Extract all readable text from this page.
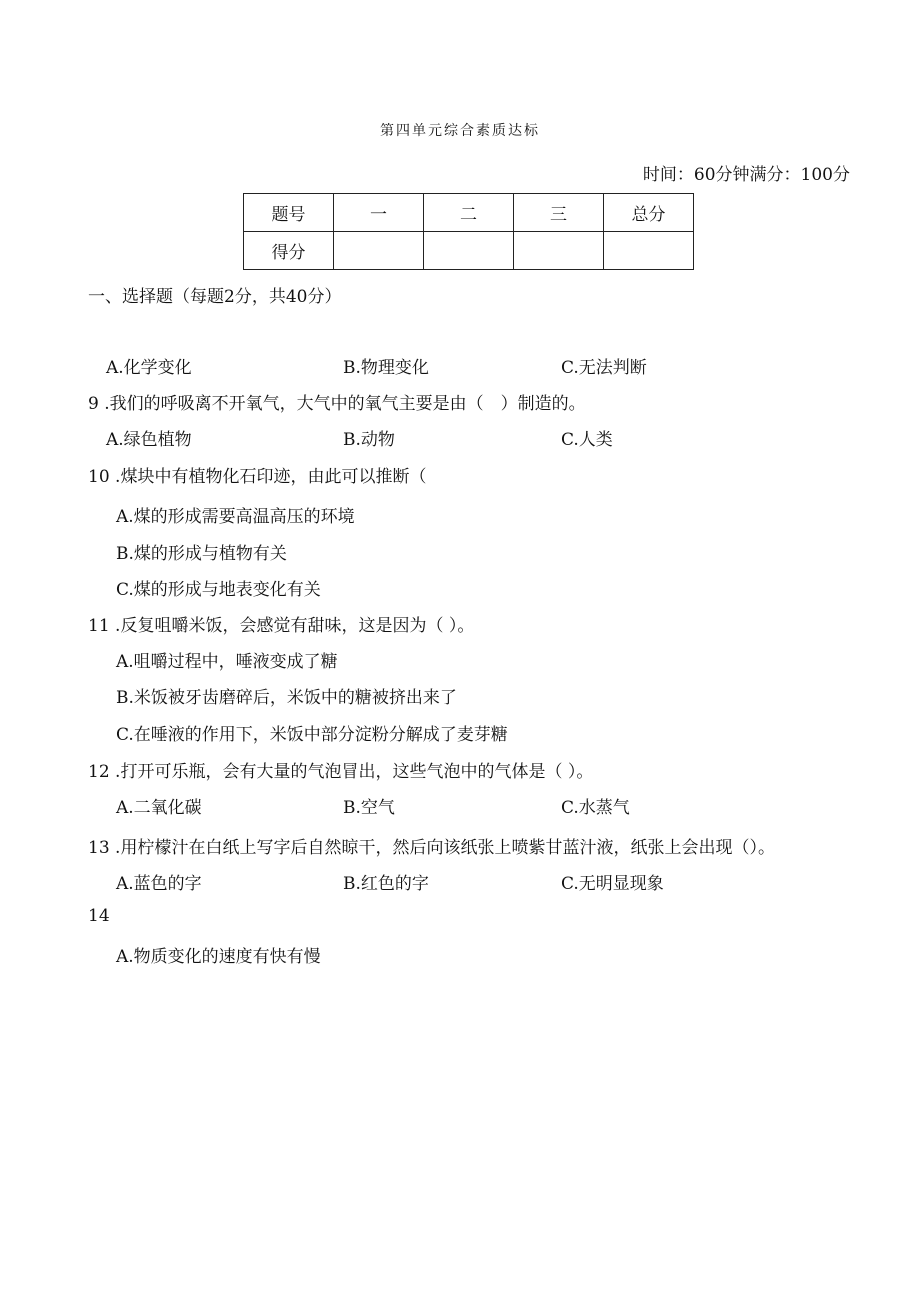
第四单元综合素质达标
时间：60分钟满分：100分
题号	一	二	三	总分
得分				
一、选择题（每题2分，共40分）
A.化学变化	B.物理变化	C.无法判断
9 .我们的呼吸离不开氧气，大气中的氧气主要是由（　）制造的。
A.绿色植物	B.动物	C.人类
10 .煤块中有植物化石印迹，由此可以推断（
A.煤的形成需要高温高压的环境
B.煤的形成与植物有关
C.煤的形成与地表变化有关
11 .反复咀嚼米饭，会感觉有甜味，这是因为（ ）。
A.咀嚼过程中，唾液变成了糖
B.米饭被牙齿磨碎后，米饭中的糖被挤出来了
C.在唾液的作用下，米饭中部分淀粉分解成了麦芽糖
12 .打开可乐瓶，会有大量的气泡冒出，这些气泡中的气体是（ ）。
A.二氧化碳	B.空气	C.水蒸气
13 .用柠檬汁在白纸上写字后自然晾干，然后向该纸张上喷紫甘蓝汁液，纸张上会出现（）。
A.蓝色的字	B.红色的字	C.无明显现象
14
A.物质变化的速度有快有慢
